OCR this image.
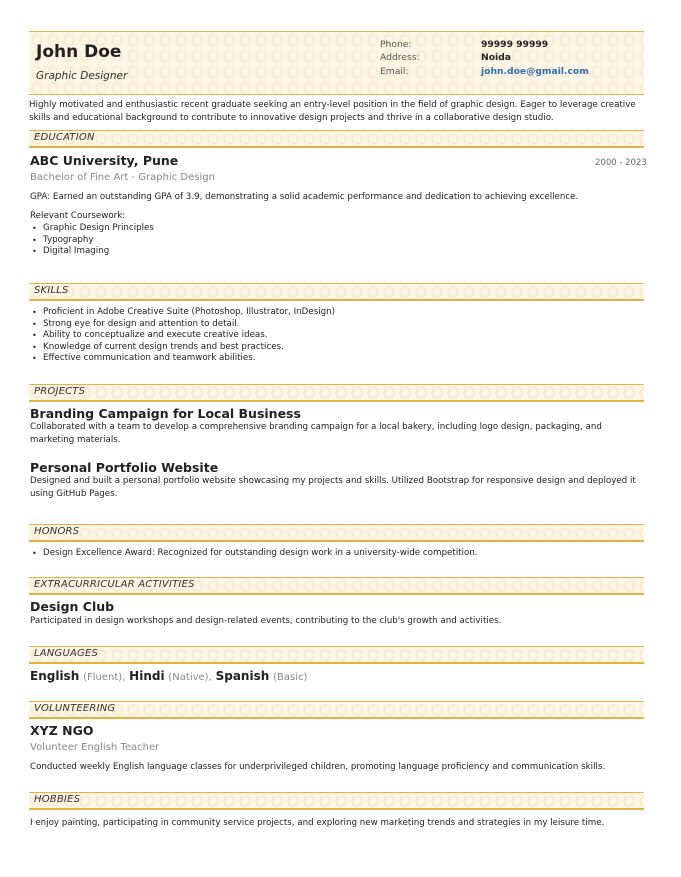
John Doe
Graphic Designer
Phone:	99999 99999
Address:	Noida
Email:	john.doe@gmail.com
Highly motivated and enthusiastic recent graduate seeking an entry-level position in the field of graphic design. Eager to leverage creative skills and educational background to contribute to innovative design projects and thrive in a collaborative design studio.
EDUCATION
ABC University, Pune	2000 - 2023
Bachelor of Fine Art - Graphic Design
GPA: Earned an outstanding GPA of 3.9, demonstrating a solid academic performance and dedication to achieving excellence.
Relevant Coursework:
• Graphic Design Principles
• Typography
• Digital Imaging
SKILLS
• Proficient in Adobe Creative Suite (Photoshop, Illustrator, InDesign)
• Strong eye for design and attention to detail.
• Ability to conceptualize and execute creative ideas.
• Knowledge of current design trends and best practices.
• Effective communication and teamwork abilities.
PROJECTS
Branding Campaign for Local Business
Collaborated with a team to develop a comprehensive branding campaign for a local bakery, including logo design, packaging, and marketing materials.
Personal Portfolio Website
Designed and built a personal portfolio website showcasing my projects and skills. Utilized Bootstrap for responsive design and deployed it using GitHub Pages.
HONORS
• Design Excellence Award: Recognized for outstanding design work in a university-wide competition.
EXTRACURRICULAR ACTIVITIES
Design Club
Participated in design workshops and design-related events, contributing to the club's growth and activities.
LANGUAGES
English (Fluent), Hindi (Native), Spanish (Basic)
VOLUNTEERING
XYZ NGO
Volunteer English Teacher
Conducted weekly English language classes for underprivileged children, promoting language proficiency and communication skills.
HOBBIES
I enjoy painting, participating in community service projects, and exploring new marketing trends and strategies in my leisure time.
